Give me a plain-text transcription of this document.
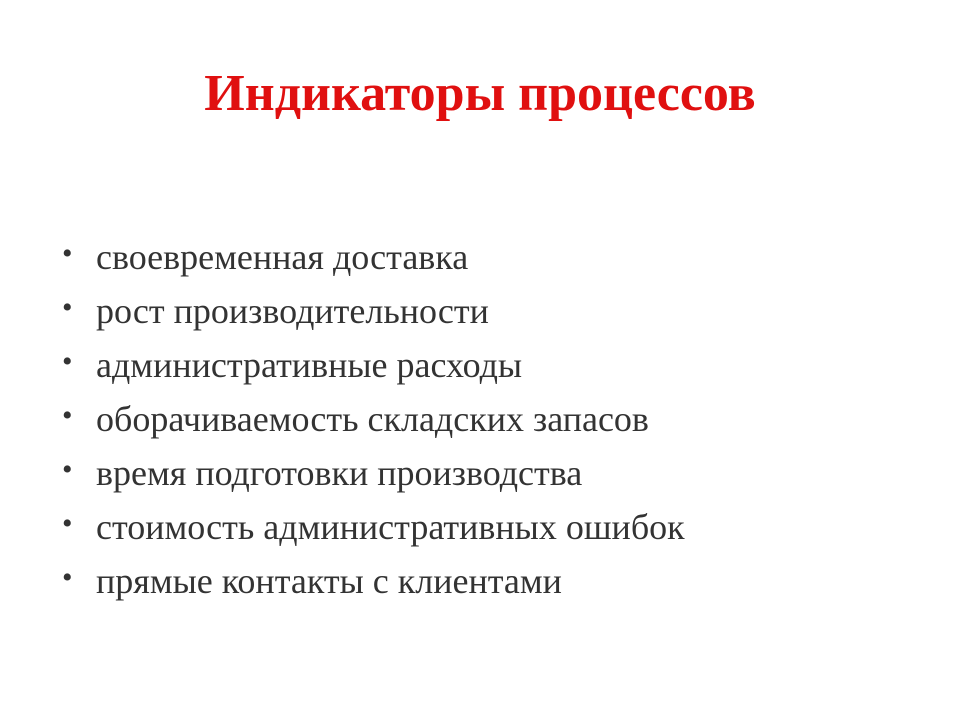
Индикаторы процессов
• своевременная доставка
• рост производительности
• административные расходы
• оборачиваемость складских запасов
• время подготовки производства
• стоимость административных ошибок
• прямые контакты с клиентами
